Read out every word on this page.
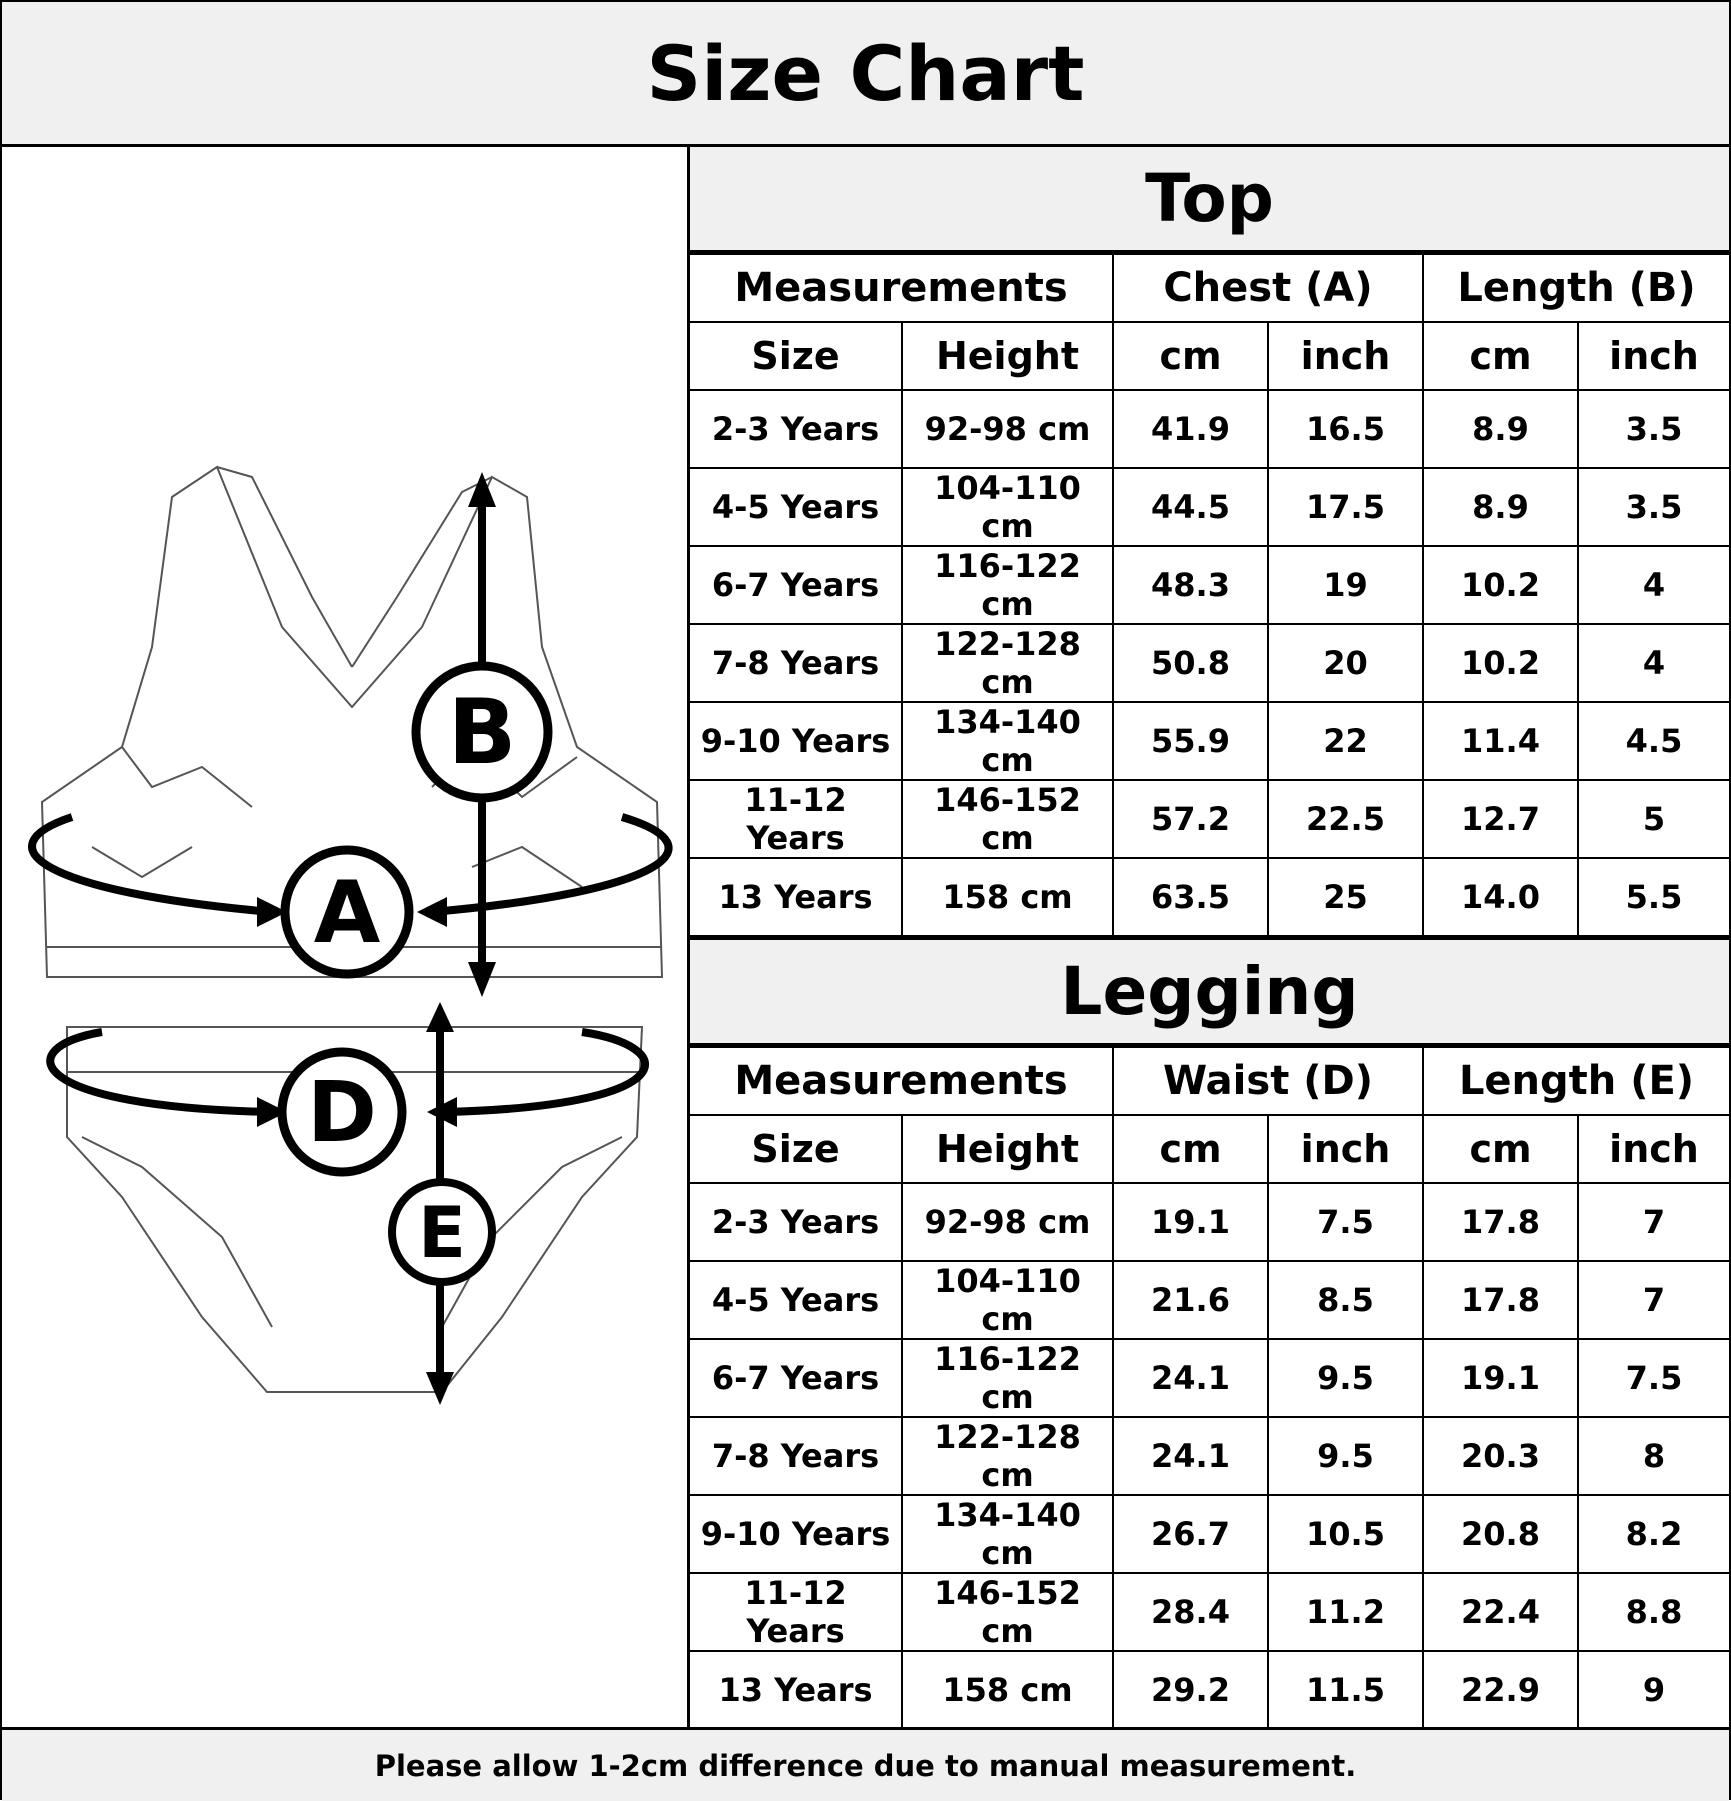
Size Chart
A
B
D
E
Top
Measurements		Chest (A)		Length (B)	
Size	Height	cm	inch	cm	inch
2-3 Years	92-98 cm	41.9	16.5	8.9	3.5
4-5 Years	104-110 cm	44.5	17.5	8.9	3.5
6-7 Years	116-122 cm	48.3	19	10.2	4
7-8 Years	122-128 cm	50.8	20	10.2	4
9-10 Years	134-140 cm	55.9	22	11.4	4.5
11-12 Years	146-152 cm	57.2	22.5	12.7	5
13 Years	158 cm	63.5	25	14.0	5.5
Legging
Measurements		Waist (D)		Length (E)	
Size	Height	cm	inch	cm	inch
2-3 Years	92-98 cm	19.1	7.5	17.8	7
4-5 Years	104-110 cm	21.6	8.5	17.8	7
6-7 Years	116-122 cm	24.1	9.5	19.1	7.5
7-8 Years	122-128 cm	24.1	9.5	20.3	8
9-10 Years	134-140 cm	26.7	10.5	20.8	8.2
11-12 Years	146-152 cm	28.4	11.2	22.4	8.8
13 Years	158 cm	29.2	11.5	22.9	9
Please allow 1-2cm difference due to manual measurement.
